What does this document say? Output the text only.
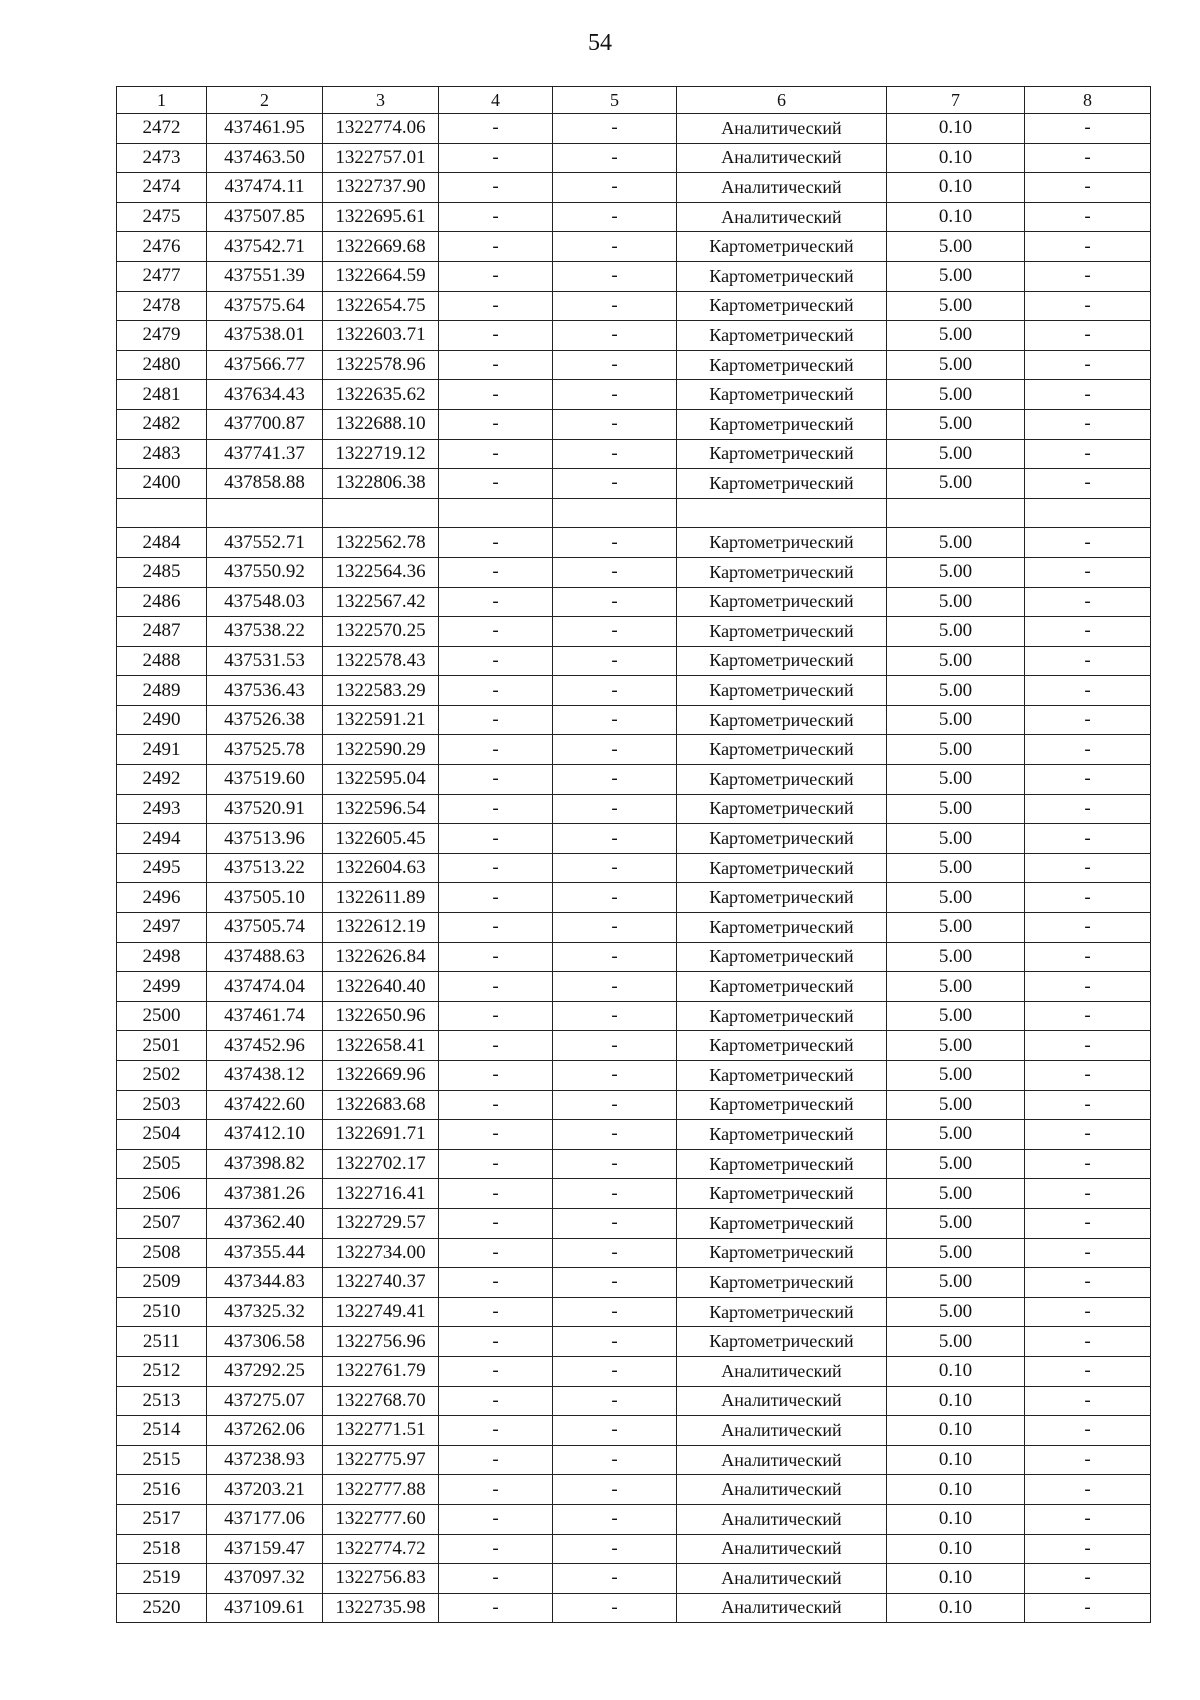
54
1	2	3	4	5	6	7	8
2472	437461.95	1322774.06	-	-	Аналитический	0.10	-
2473	437463.50	1322757.01	-	-	Аналитический	0.10	-
2474	437474.11	1322737.90	-	-	Аналитический	0.10	-
2475	437507.85	1322695.61	-	-	Аналитический	0.10	-
2476	437542.71	1322669.68	-	-	Картометрический	5.00	-
2477	437551.39	1322664.59	-	-	Картометрический	5.00	-
2478	437575.64	1322654.75	-	-	Картометрический	5.00	-
2479	437538.01	1322603.71	-	-	Картометрический	5.00	-
2480	437566.77	1322578.96	-	-	Картометрический	5.00	-
2481	437634.43	1322635.62	-	-	Картометрический	5.00	-
2482	437700.87	1322688.10	-	-	Картометрический	5.00	-
2483	437741.37	1322719.12	-	-	Картометрический	5.00	-
2400	437858.88	1322806.38	-	-	Картометрический	5.00	-

2484	437552.71	1322562.78	-	-	Картометрический	5.00	-
2485	437550.92	1322564.36	-	-	Картометрический	5.00	-
2486	437548.03	1322567.42	-	-	Картометрический	5.00	-
2487	437538.22	1322570.25	-	-	Картометрический	5.00	-
2488	437531.53	1322578.43	-	-	Картометрический	5.00	-
2489	437536.43	1322583.29	-	-	Картометрический	5.00	-
2490	437526.38	1322591.21	-	-	Картометрический	5.00	-
2491	437525.78	1322590.29	-	-	Картометрический	5.00	-
2492	437519.60	1322595.04	-	-	Картометрический	5.00	-
2493	437520.91	1322596.54	-	-	Картометрический	5.00	-
2494	437513.96	1322605.45	-	-	Картометрический	5.00	-
2495	437513.22	1322604.63	-	-	Картометрический	5.00	-
2496	437505.10	1322611.89	-	-	Картометрический	5.00	-
2497	437505.74	1322612.19	-	-	Картометрический	5.00	-
2498	437488.63	1322626.84	-	-	Картометрический	5.00	-
2499	437474.04	1322640.40	-	-	Картометрический	5.00	-
2500	437461.74	1322650.96	-	-	Картометрический	5.00	-
2501	437452.96	1322658.41	-	-	Картометрический	5.00	-
2502	437438.12	1322669.96	-	-	Картометрический	5.00	-
2503	437422.60	1322683.68	-	-	Картометрический	5.00	-
2504	437412.10	1322691.71	-	-	Картометрический	5.00	-
2505	437398.82	1322702.17	-	-	Картометрический	5.00	-
2506	437381.26	1322716.41	-	-	Картометрический	5.00	-
2507	437362.40	1322729.57	-	-	Картометрический	5.00	-
2508	437355.44	1322734.00	-	-	Картометрический	5.00	-
2509	437344.83	1322740.37	-	-	Картометрический	5.00	-
2510	437325.32	1322749.41	-	-	Картометрический	5.00	-
2511	437306.58	1322756.96	-	-	Картометрический	5.00	-
2512	437292.25	1322761.79	-	-	Аналитический	0.10	-
2513	437275.07	1322768.70	-	-	Аналитический	0.10	-
2514	437262.06	1322771.51	-	-	Аналитический	0.10	-
2515	437238.93	1322775.97	-	-	Аналитический	0.10	-
2516	437203.21	1322777.88	-	-	Аналитический	0.10	-
2517	437177.06	1322777.60	-	-	Аналитический	0.10	-
2518	437159.47	1322774.72	-	-	Аналитический	0.10	-
2519	437097.32	1322756.83	-	-	Аналитический	0.10	-
2520	437109.61	1322735.98	-	-	Аналитический	0.10	-
